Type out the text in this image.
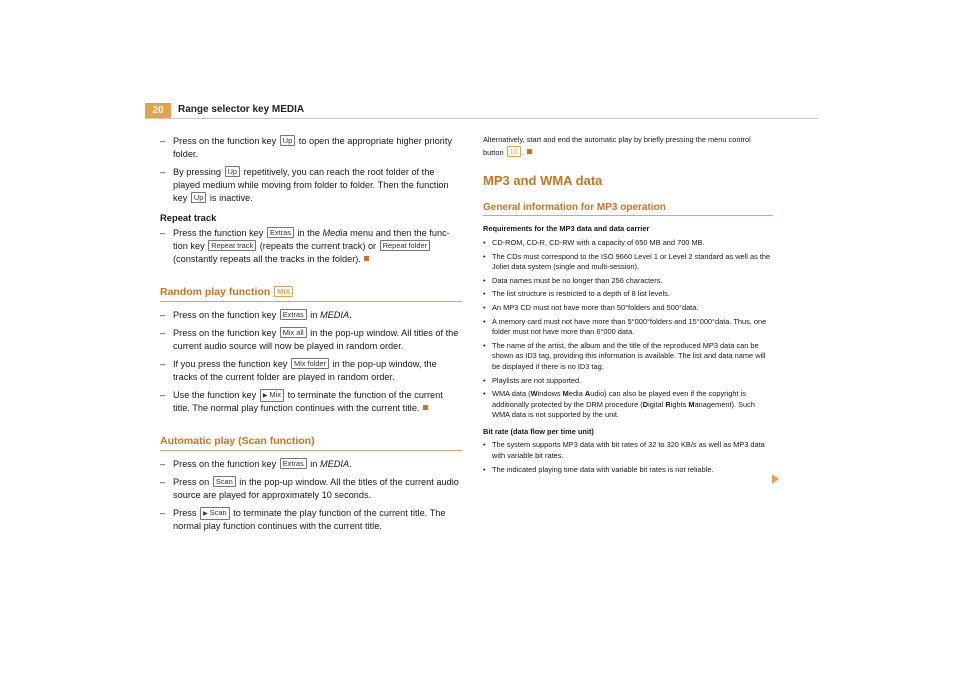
20	Range selector key MEDIA
– Press on the function key Up to open the appropriate higher priority folder.
– By pressing Up repetitively, you can reach the root folder of the played medium while moving from folder to folder. Then the function key Up is inactive.

Repeat track

– Press the function key Extras in the Media menu and then the func-tion key Repeat track (repeats the current track) or Repeat folder (constantly repeats all the tracks in the folder).
Random play function MIX
– Press on the function key Extras in MEDIA.
– Press on the function key Mix all in the pop-up window. All titles of the current audio source will now be played in random order.
– If you press the function key Mix folder in the pop-up window, the tracks of the current folder are played in random order.
– Use the function key ▶ Mix to terminate the function of the current title. The normal play function continues with the current title.
Automatic play (Scan function)
– Press on the function key Extras in MEDIA.
– Press on Scan in the pop-up window. All the titles of the current audio source are played for approximately 10 seconds.
– Press ▶ Scan to terminate the play function of the current title. The normal play function continues with the current title.

Alternatively, start and end the automatic play by briefly pressing the menu control button 10 .

MP3 and WMA data
General information for MP3 operation

Requirements for the MP3 data and data carrier

• CD-ROM, CD-R, CD-RW with a capacity of 650 MB and 700 MB.
• The CDs must correspond to the ISO 9660 Level 1 or Level 2 standard as well as the Joliet data system (single and multi-session).
• Data names must be no longer than 256 characters.
• The list structure is restricted to a depth of 8 list levels.
• An MP3 CD must not have more than 50°folders and 500°data.
• A memory card must not have more than 5°000°folders and 15°000°data. Thus, one folder must not have more than 6°000 data.
• The name of the artist, the album and the title of the reproduced MP3 data can be shown as ID3 tag, providing this information is available. The list and data name will be displayed if there is no ID3 tag.
• Playlists are not supported.
• WMA data (Windows Media Audio) can also be played even if the copyright is additionally protected by the DRM procedure (Digital Rights Management). Such WMA data is not supported by the unit.

Bit rate (data flow per time unit)

• The system supports MP3 data with bit rates of 32 to 320 KB/s as well as MP3 data with variable bit rates.
• The indicated playing time data with variable bit rates is not reliable.
